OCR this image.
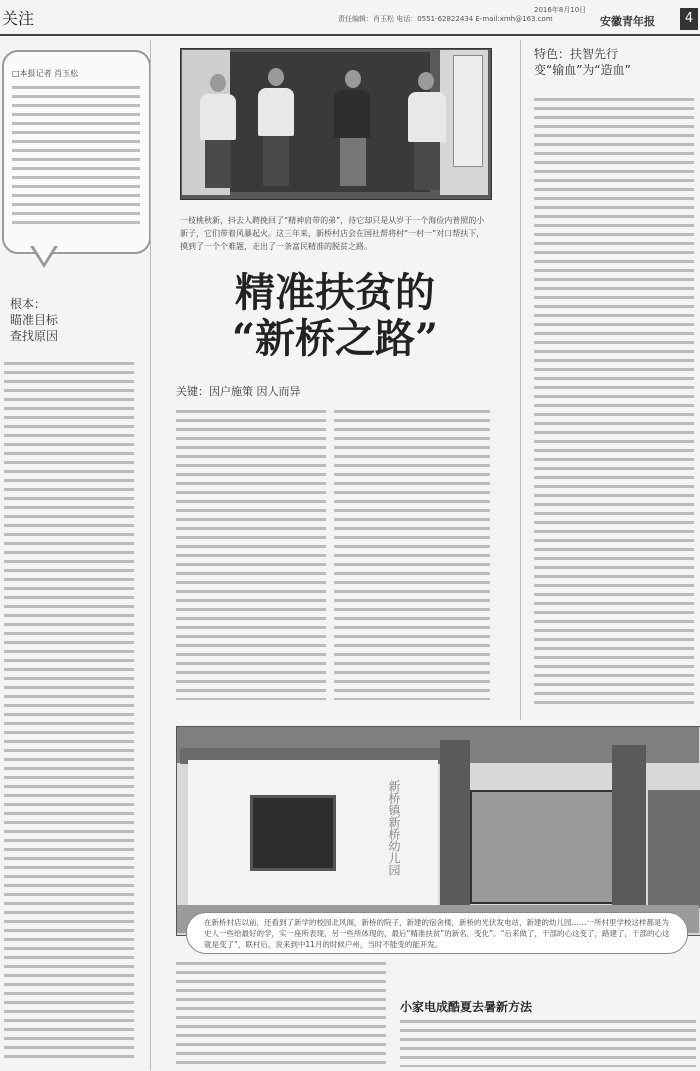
关注	责任编辑：肖玉松 电话：0551-62822434 E-mail:xmh@163.com
2016年8月10日
安徽青年报	4
□本报记者 肖玉松
根本：
瞄准目标
查找原因
一枝桃秋新，抖去人聘挽回了“精神肩带的弟”，待它却只是从岁于一个海俭内普照的小新子，它们带着风暴起火。这三年来，新桥村店会在国社帮将村“一村一”对口帮扶下，摸到了一个个难题，走出了一条富民精准的脱贫之路。
精准扶贫的
“新桥之路”
关键：因户施策 因人而异
特色：扶智先行
变“输血”为“造血”
新桥镇新桥幼儿园
在新桥村店以前，还看到了新学的校园北风阁，新桥的院子，新建的宿舍楼，新桥的光伏发电站，新建的幼儿园……一所村里学校这样都是为史人一些给最好的学，实一座所表现，另一些所体现的，最后“精准扶贫”的新名，变化”。“后来做了，干部的心这变了，路建了，干部的心这就是变了”，联村后，说来到中11月的时候户州，当时不能变的能开发。
小家电成酷夏去暑新方法
